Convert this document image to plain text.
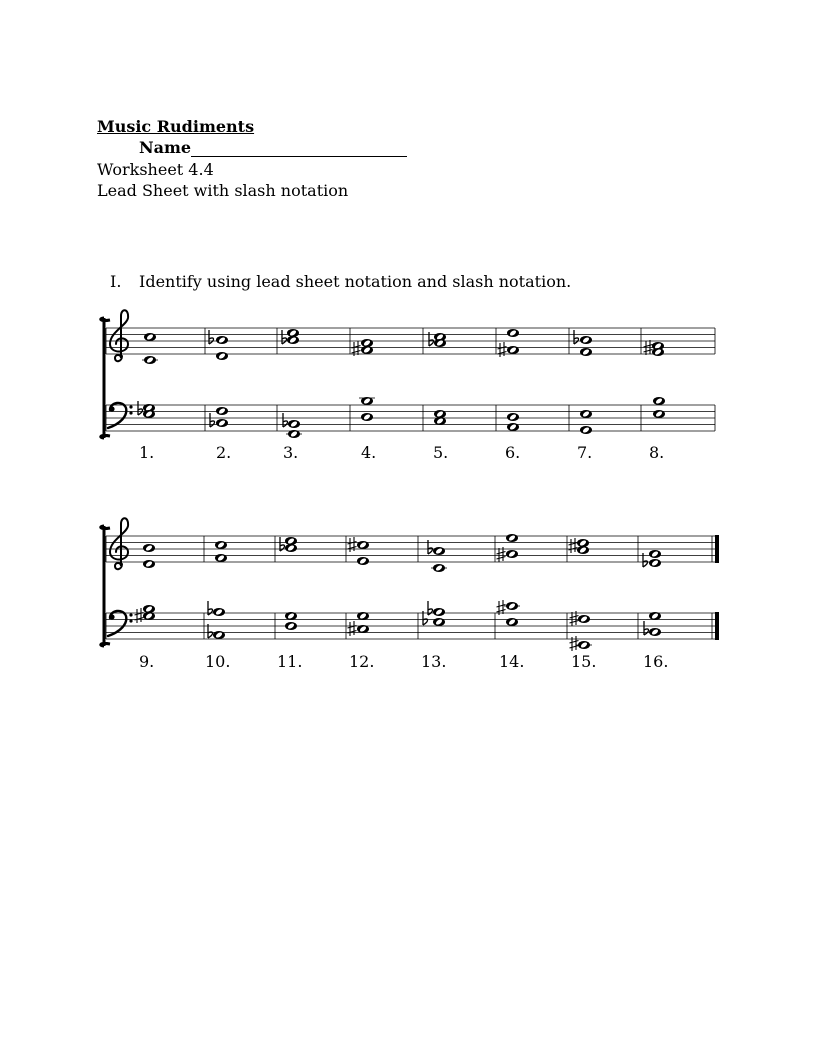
Music Rudiments
Name
Worksheet 4.4
Lead Sheet with slash notation
I. Identify using lead sheet notation and slash notation.
1.	2.	3.	4.	5.	6.	7.	8.
9.	10.	11.	12.	13.	14.	15.	16.
